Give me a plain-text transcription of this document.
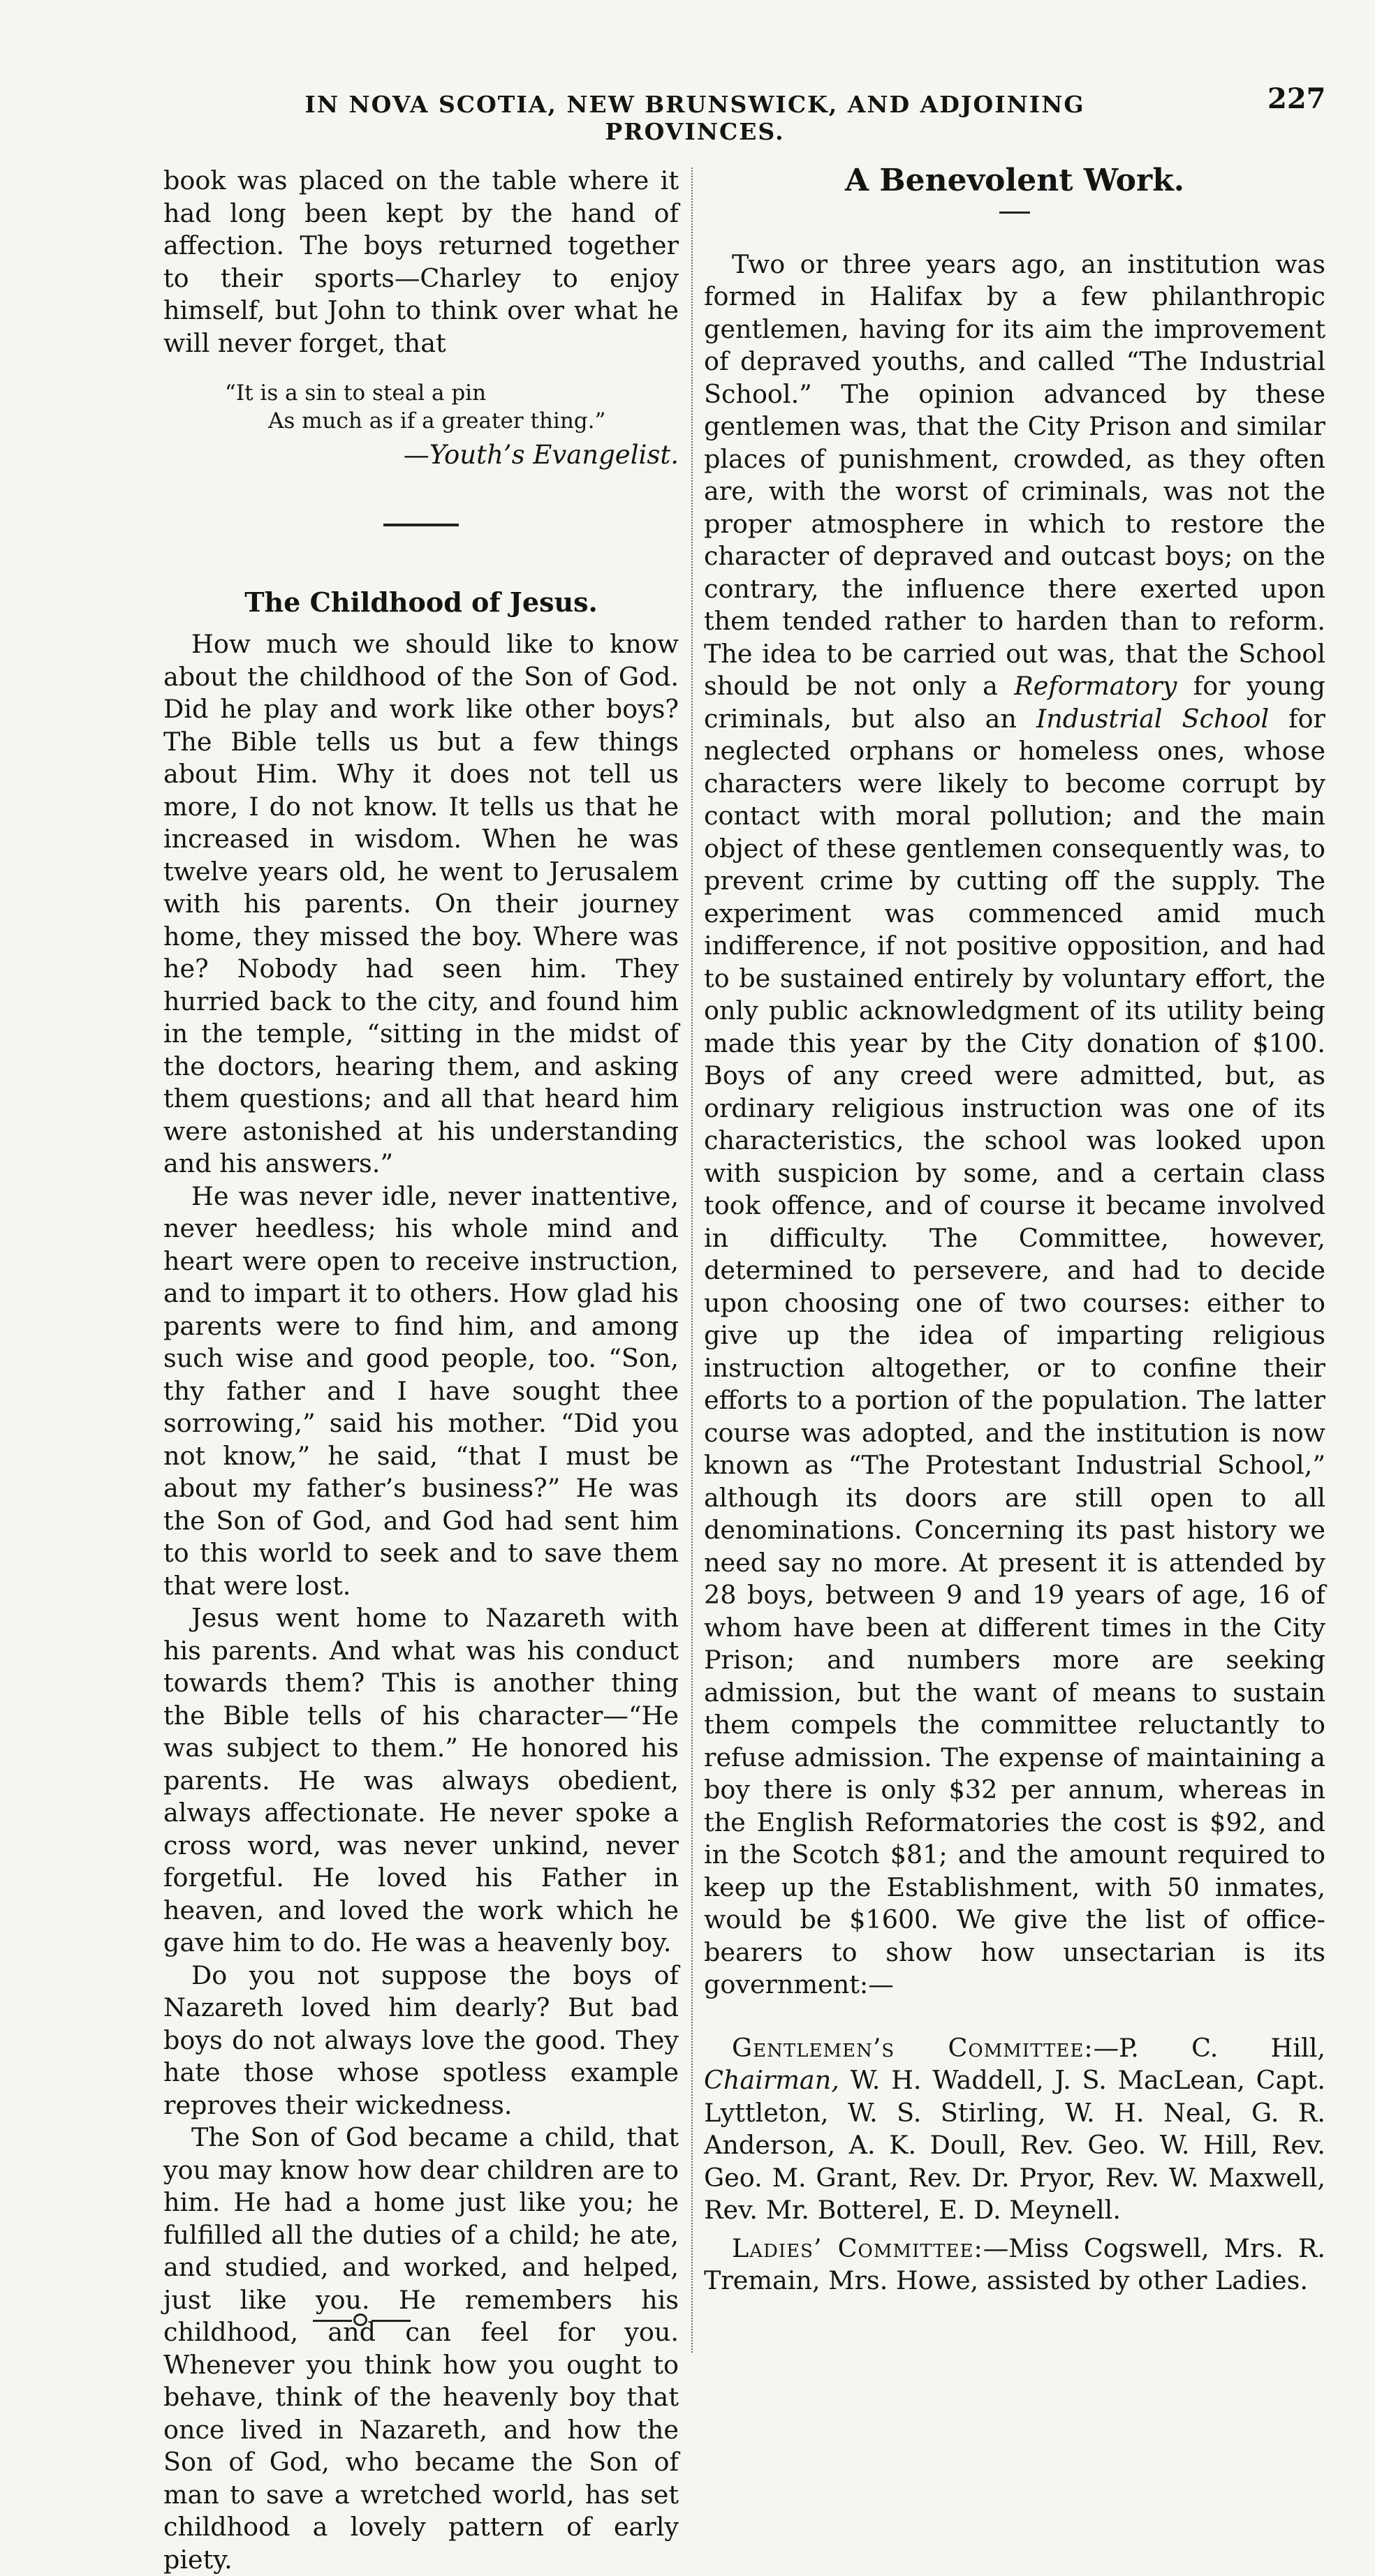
IN NOVA SCOTIA, NEW BRUNSWICK, AND ADJOINING PROVINCES.
227

book was placed on the table where it had long been kept by the hand of affection. The boys returned together to their sports—Charley to enjoy himself, but John to think over what he will never forget, that

“It is a sin to steal a pin
As much as if a greater thing.”
—Youth’s Evangelist.
The Childhood of Jesus.

How much we should like to know about the childhood of the Son of God. Did he play and work like other boys? The Bible tells us but a few things about Him. Why it does not tell us more, I do not know. It tells us that he increased in wisdom. When he was twelve years old, he went to Jerusalem with his parents. On their journey home, they missed the boy. Where was he? Nobody had seen him. They hurried back to the city, and found him in the temple, “sitting in the midst of the doctors, hearing them, and asking them questions; and all that heard him were astonished at his understanding and his answers.”

He was never idle, never inattentive, never heedless; his whole mind and heart were open to receive instruction, and to impart it to others. How glad his parents were to find him, and among such wise and good people, too. “Son, thy father and I have sought thee sorrowing,” said his mother. “Did you not know,” he said, “that I must be about my father’s business?” He was the Son of God, and God had sent him to this world to seek and to save them that were lost.

Jesus went home to Nazareth with his parents. And what was his conduct towards them? This is another thing the Bible tells of his character—“He was subject to them.” He honored his parents. He was always obedient, always affectionate. He never spoke a cross word, was never unkind, never forgetful. He loved his Father in heaven, and loved the work which he gave him to do. He was a heavenly boy.

Do you not suppose the boys of Nazareth loved him dearly? But bad boys do not always love the good. They hate those whose spotless example reproves their wickedness.

The Son of God became a child, that you may know how dear children are to him. He had a home just like you; he fulfilled all the duties of a child; he ate, and studied, and worked, and helped, just like you. He remembers his childhood, and can feel for you. Whenever you think how you ought to behave, think of the heavenly boy that once lived in Nazareth, and how the Son of God, who became the Son of man to save a wretched world, has set childhood a lovely pattern of early piety.

A Benevolent Work.

Two or three years ago, an institution was formed in Halifax by a few philanthropic gentlemen, having for its aim the improvement of depraved youths, and called “The Industrial School.” The opinion advanced by these gentlemen was, that the City Prison and similar places of punishment, crowded, as they often are, with the worst of criminals, was not the proper atmosphere in which to restore the character of depraved and outcast boys; on the contrary, the influence there exerted upon them tended rather to harden than to reform. The idea to be carried out was, that the School should be not only a Reformatory for young criminals, but also an Industrial School for neglected orphans or homeless ones, whose characters were likely to become corrupt by contact with moral pollution; and the main object of these gentlemen consequently was, to prevent crime by cutting off the supply. The experiment was commenced amid much indifference, if not positive opposition, and had to be sustained entirely by voluntary effort, the only public acknowledgment of its utility being made this year by the City donation of $100. Boys of any creed were admitted, but, as ordinary religious instruction was one of its characteristics, the school was looked upon with suspicion by some, and a certain class took offence, and of course it became involved in difficulty. The Committee, however, determined to persevere, and had to decide upon choosing one of two courses: either to give up the idea of imparting religious instruction altogether, or to confine their efforts to a portion of the population. The latter course was adopted, and the institution is now known as “The Protestant Industrial School,” although its doors are still open to all denominations. Concerning its past history we need say no more. At present it is attended by 28 boys, between 9 and 19 years of age, 16 of whom have been at different times in the City Prison; and numbers more are seeking admission, but the want of means to sustain them compels the committee reluctantly to refuse admission. The expense of maintaining a boy there is only $32 per annum, whereas in the English Reformatories the cost is $92, and in the Scotch $81; and the amount required to keep up the Establishment, with 50 inmates, would be $1600. We give the list of office-bearers to show how unsectarian is its government:—

Gentlemen’s Committee:—P. C. Hill, Chairman, W. H. Waddell, J. S. MacLean, Capt. Lyttleton, W. S. Stirling, W. H. Neal, G. R. Anderson, A. K. Doull, Rev. Geo. W. Hill, Rev. Geo. M. Grant, Rev. Dr. Pryor, Rev. W. Maxwell, Rev. Mr. Botterel, E. D. Meynell.

Ladies’ Committee:—Miss Cogswell, Mrs. R. Tremain, Mrs. Howe, assisted by other Ladies.
